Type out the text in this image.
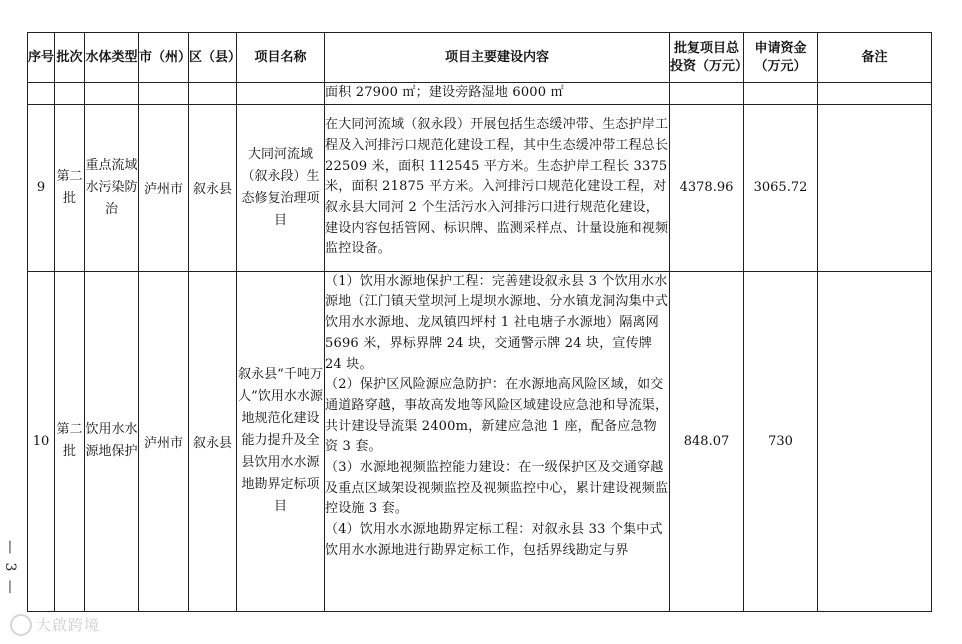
序号	批次	水体类型	市（州）	区（县）	项目名称	项目主要建设内容	批复项目总投资（万元）	申请资金（万元）	备注
						面积 27900 ㎡；建设旁路湿地 6000 ㎡			
9	第二批	重点流域水污染防治	泸州市	叙永县	大同河流域（叙永段）生态修复治理项目	在大同河流域（叙永段）开展包括生态缓冲带、生态护岸工程及入河排污口规范化建设工程，其中生态缓冲带工程总长 22509 米，面积 112545 平方米。生态护岸工程长 3375 米，面积 21875 平方米。入河排污口规范化建设工程，对叙永县大同河 2 个生活污水入河排污口进行规范化建设，建设内容包括管网、标识牌、监测采样点、计量设施和视频监控设备。	4378.96	3065.72	
10	第二批	饮用水水源地保护	泸州市	叙永县	叙永县“千吨万人”饮用水水源地规范化建设能力提升及全县饮用水水源地勘界定标项目	（1）饮用水源地保护工程：完善建设叙永县 3 个饮用水水源地（江门镇天堂坝河上堤坝水源地、分水镇龙洞沟集中式饮用水水源地、龙凤镇四坪村 1 社电塘子水源地）隔离网 5696 米，界标界牌 24 块，交通警示牌 24 块，宣传牌 24 块。
（2）保护区风险源应急防护：在水源地高风险区域，如交通道路穿越，事故高发地等风险区域建设应急池和导流渠，共计建设导流渠 2400m，新建应急池 1 座，配备应急物资 3 套。
（3）水源地视频监控能力建设：在一级保护区及交通穿越及重点区域架设视频监控及视频监控中心，累计建设视频监控设施 3 套。
（4）饮用水水源地勘界定标工程：对叙永县 33 个集中式饮用水水源地进行勘界定标工作，包括界线勘定与界	848.07	730	
— 3 —
大啟跨境
